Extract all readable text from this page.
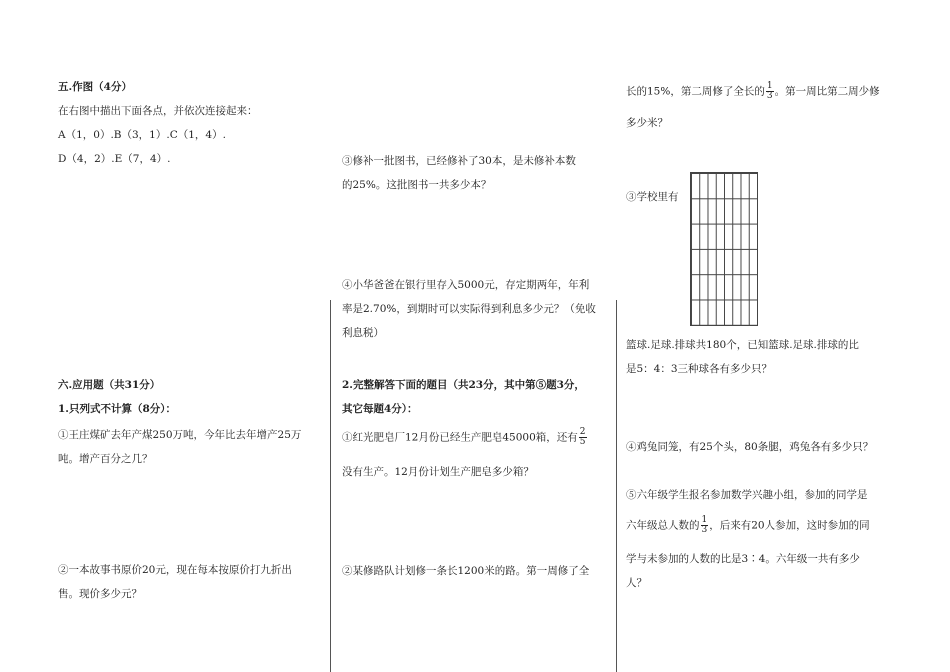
五.作图（4分）
在右图中描出下面各点，并依次连接起来：
A（1，0）.B（3，1）.C（1，4）.
D（4，2）.E（7，4）.
六.应用题（共31分）
1.只列式不计算（8分）：
①王庄煤矿去年产煤250万吨，今年比去年增产25万
吨。增产百分之几？
②一本故事书原价20元，现在每本按原价打九折出
售。现价多少元？
③修补一批图书，已经修补了30本，是未修补本数
的25%。这批图书一共多少本？
④小华爸爸在银行里存入5000元，存定期两年，年利
率是2.70%，到期时可以实际得到利息多少元？（免收
利息税）
2.完整解答下面的题目（共23分，其中第⑤题3分，
其它每题4分）：
①红光肥皂厂12月份已经生产肥皂45000箱，还有 $\frac{2}{5}$
没有生产。12月份计划生产肥皂多少箱？
②某修路队计划修一条长1200米的路。第一周修了全
长的15%，第二周修了全长的 $\frac{1}{3}$ 。第一周比第二周少修
多少米？
③学校里有
篮球.足球.排球共180个，已知篮球.足球.排球的比
是5：4：3三种球各有多少只？
④鸡兔同笼，有25个头，80条腿，鸡兔各有多少只？
⑤六年级学生报名参加数学兴趣小组，参加的同学是
六年级总人数的 $\frac{1}{3}$ ，后来有20人参加，这时参加的同
学与未参加的人数的比是3∶4。六年级一共有多少
人？
